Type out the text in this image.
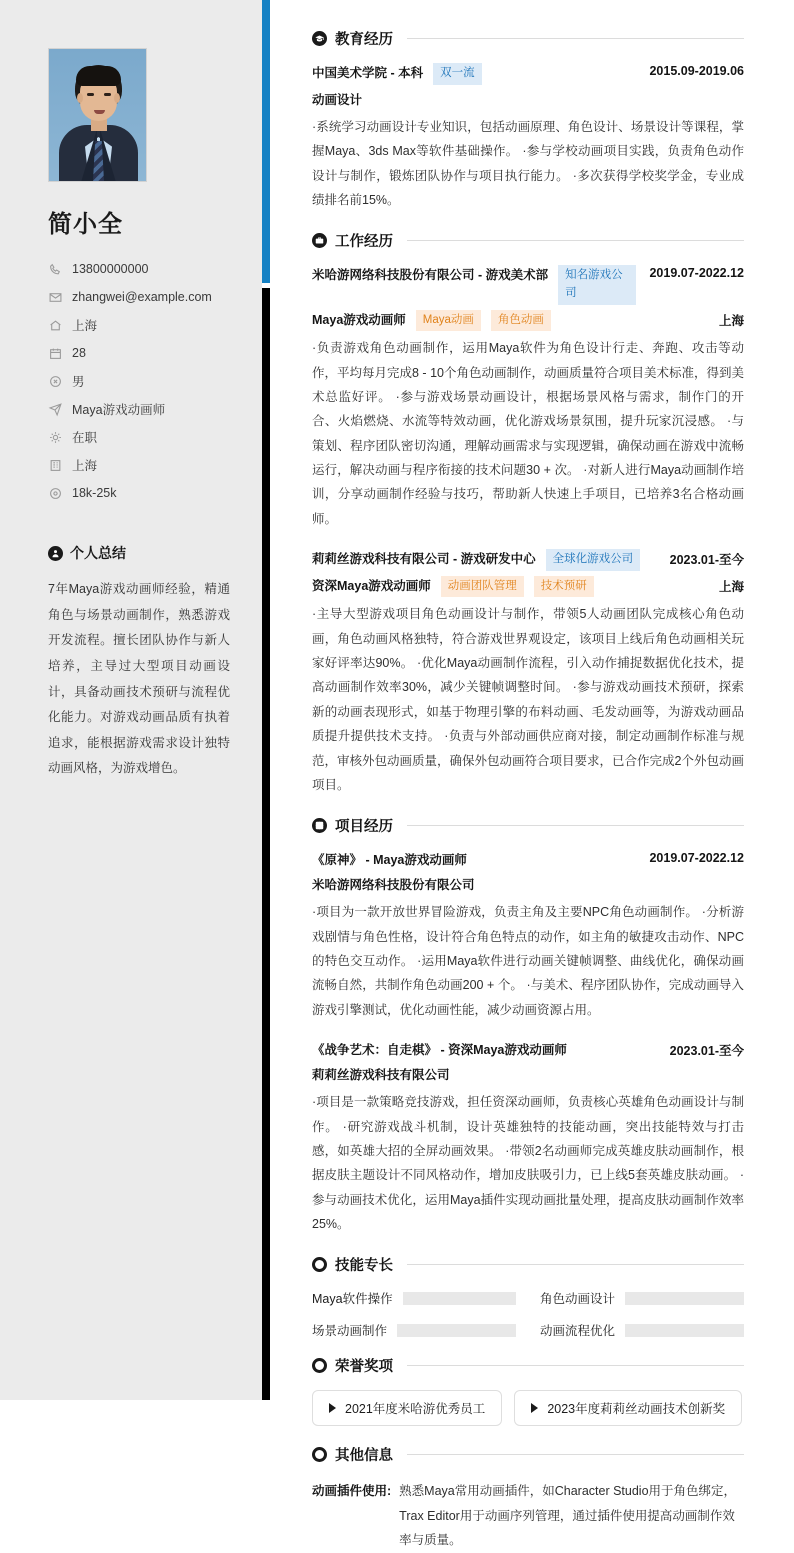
简小全
13800000000
zhangwei@example.com
上海
28
男
Maya游戏动画师
在职
上海
18k-25k
个人总结
7年Maya游戏动画师经验，精通角色与场景动画制作，熟悉游戏开发流程。擅长团队协作与新人培养，主导过大型项目动画设计，具备动画技术预研与流程优化能力。对游戏动画品质有执着追求，能根据游戏需求设计独特动画风格，为游戏增色。
教育经历
中国美术学院 - 本科	双一流	2015.09-2019.06
动画设计
·系统学习动画设计专业知识，包括动画原理、角色设计、场景设计等课程，掌握Maya、3ds Max等软件基础操作。 ·参与学校动画项目实践，负责角色动作设计与制作，锻炼团队协作与项目执行能力。 ·多次获得学校奖学金，专业成绩排名前15%。
工作经历
米哈游网络科技股份有限公司 - 游戏美术部	知名游戏公司
2019.07-2022.12
Maya游戏动画师	Maya动画	角色动画	上海
·负责游戏角色动画制作，运用Maya软件为角色设计行走、奔跑、攻击等动作，平均每月完成8 - 10个角色动画制作，动画质量符合项目美术标准，得到美术总监好评。 ·参与游戏场景动画设计，根据场景风格与需求，制作门的开合、火焰燃烧、水流等特效动画，优化游戏场景氛围，提升玩家沉浸感。 ·与策划、程序团队密切沟通，理解动画需求与实现逻辑，确保动画在游戏中流畅运行，解决动画与程序衔接的技术问题30 + 次。 ·对新人进行Maya动画制作培训，分享动画制作经验与技巧，帮助新人快速上手项目，已培养3名合格动画师。
莉莉丝游戏科技有限公司 - 游戏研发中心	全球化游戏公司	2023.01-至今
资深Maya游戏动画师	动画团队管理	技术预研	上海
·主导大型游戏项目角色动画设计与制作，带领5人动画团队完成核心角色动画，角色动画风格独特，符合游戏世界观设定，该项目上线后角色动画相关玩家好评率达90%。 ·优化Maya动画制作流程，引入动作捕捉数据优化技术，提高动画制作效率30%，减少关键帧调整时间。 ·参与游戏动画技术预研，探索新的动画表现形式，如基于物理引擎的布料动画、毛发动画等，为游戏动画品质提升提供技术支持。 ·负责与外部动画供应商对接，制定动画制作标准与规范，审核外包动画质量，确保外包动画符合项目要求，已合作完成2个外包动画项目。
项目经历
《原神》 - Maya游戏动画师	2019.07-2022.12
米哈游网络科技股份有限公司
·项目为一款开放世界冒险游戏，负责主角及主要NPC角色动画制作。 ·分析游戏剧情与角色性格，设计符合角色特点的动作，如主角的敏捷攻击动作、NPC的特色交互动作。 ·运用Maya软件进行动画关键帧调整、曲线优化，确保动画流畅自然，共制作角色动画200 + 个。 ·与美术、程序团队协作，完成动画导入游戏引擎测试，优化动画性能，减少动画资源占用。
《战争艺术：自走棋》 - 资深Maya游戏动画师	2023.01-至今
莉莉丝游戏科技有限公司
·项目是一款策略竞技游戏，担任资深动画师，负责核心英雄角色动画设计与制作。 ·研究游戏战斗机制，设计英雄独特的技能动画，突出技能特效与打击感，如英雄大招的全屏动画效果。 ·带领2名动画师完成英雄皮肤动画制作，根据皮肤主题设计不同风格动作，增加皮肤吸引力，已上线5套英雄皮肤动画。 ·参与动画技术优化，运用Maya插件实现动画批量处理，提高皮肤动画制作效率25%。
技能专长
Maya软件操作	角色动画设计
场景动画制作	动画流程优化
荣誉奖项
2021年度米哈游优秀员工	2023年度莉莉丝动画技术创新奖
其他信息
动画插件使用: 熟悉Maya常用动画插件，如Character Studio用于角色绑定，Trax Editor用于动画序列管理，通过插件使用提高动画制作效率与质量。
